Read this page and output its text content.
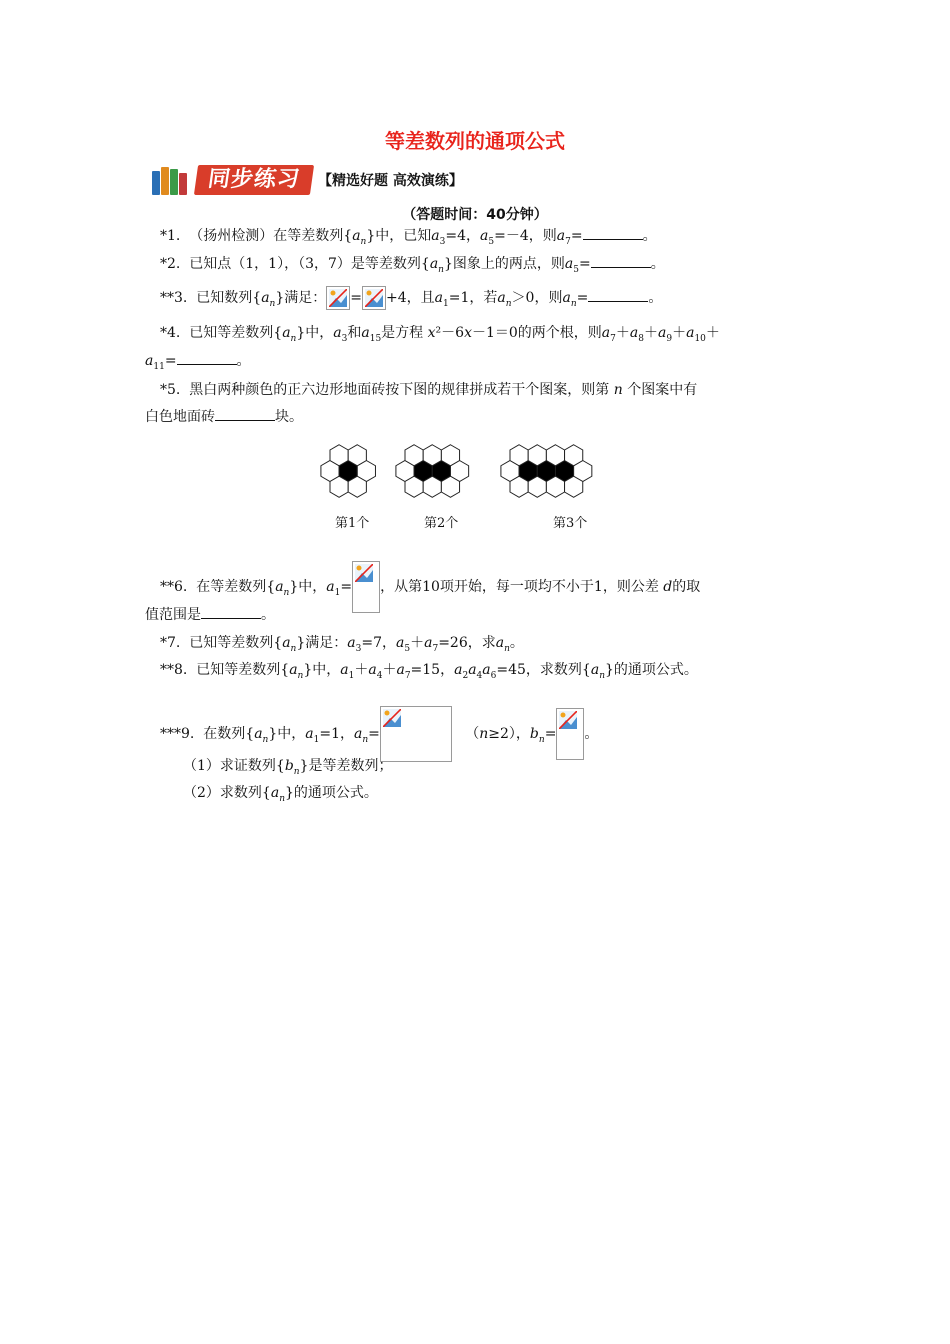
等差数列的通项公式
同步练习	【精选好题 高效演练】
（答题时间：40分钟）
*1. （扬州检测）在等差数列$\{a_n\}$中，已知$a_3=4$，$a_5=-4$，则$a_7=$	。
*2. 已知点（1，1），（3，7）是等差数列$\{a_n\}$图象上的两点，则$a_5=$	。
**3. 已知数列$\{a_n\}$满足： = +4，且$a_1=1$，若$a_n>0$，则$a_n=$	。
*4. 已知等差数列$\{a_n\}$中，$a_3$和$a_{15}$是方程 x²－6x－1＝0的两个根，则$a_7+a_8+a_9+a_{10}+$
$a_{11}=$	。
*5. 黑白两种颜色的正六边形地面砖按下图的规律拼成若干个图案，则第 n 个图案中有
白色地面砖	块。
第1个	第2个	第3个
**6. 在等差数列$\{a_n\}$中，$a_1=$ ，从第10项开始，每一项均不小于1，则公差 d的取
值范围是	。
*7. 已知等差数列$\{a_n\}$满足：$a_3=7$，$a_5+a_7=26$，求$a_n$。
**8. 已知等差数列$\{a_n\}$中，$a_1+a_4+a_7=15$，$a_2a_4a_6=45$，求数列$\{a_n\}$的通项公式。
***9. 在数列$\{a_n\}$中，$a_1=1$，$a_n=$	（n≥2），$b_n=$ 。
（1）求证数列$\{b_n\}$是等差数列；
（2）求数列$\{a_n\}$的通项公式。
